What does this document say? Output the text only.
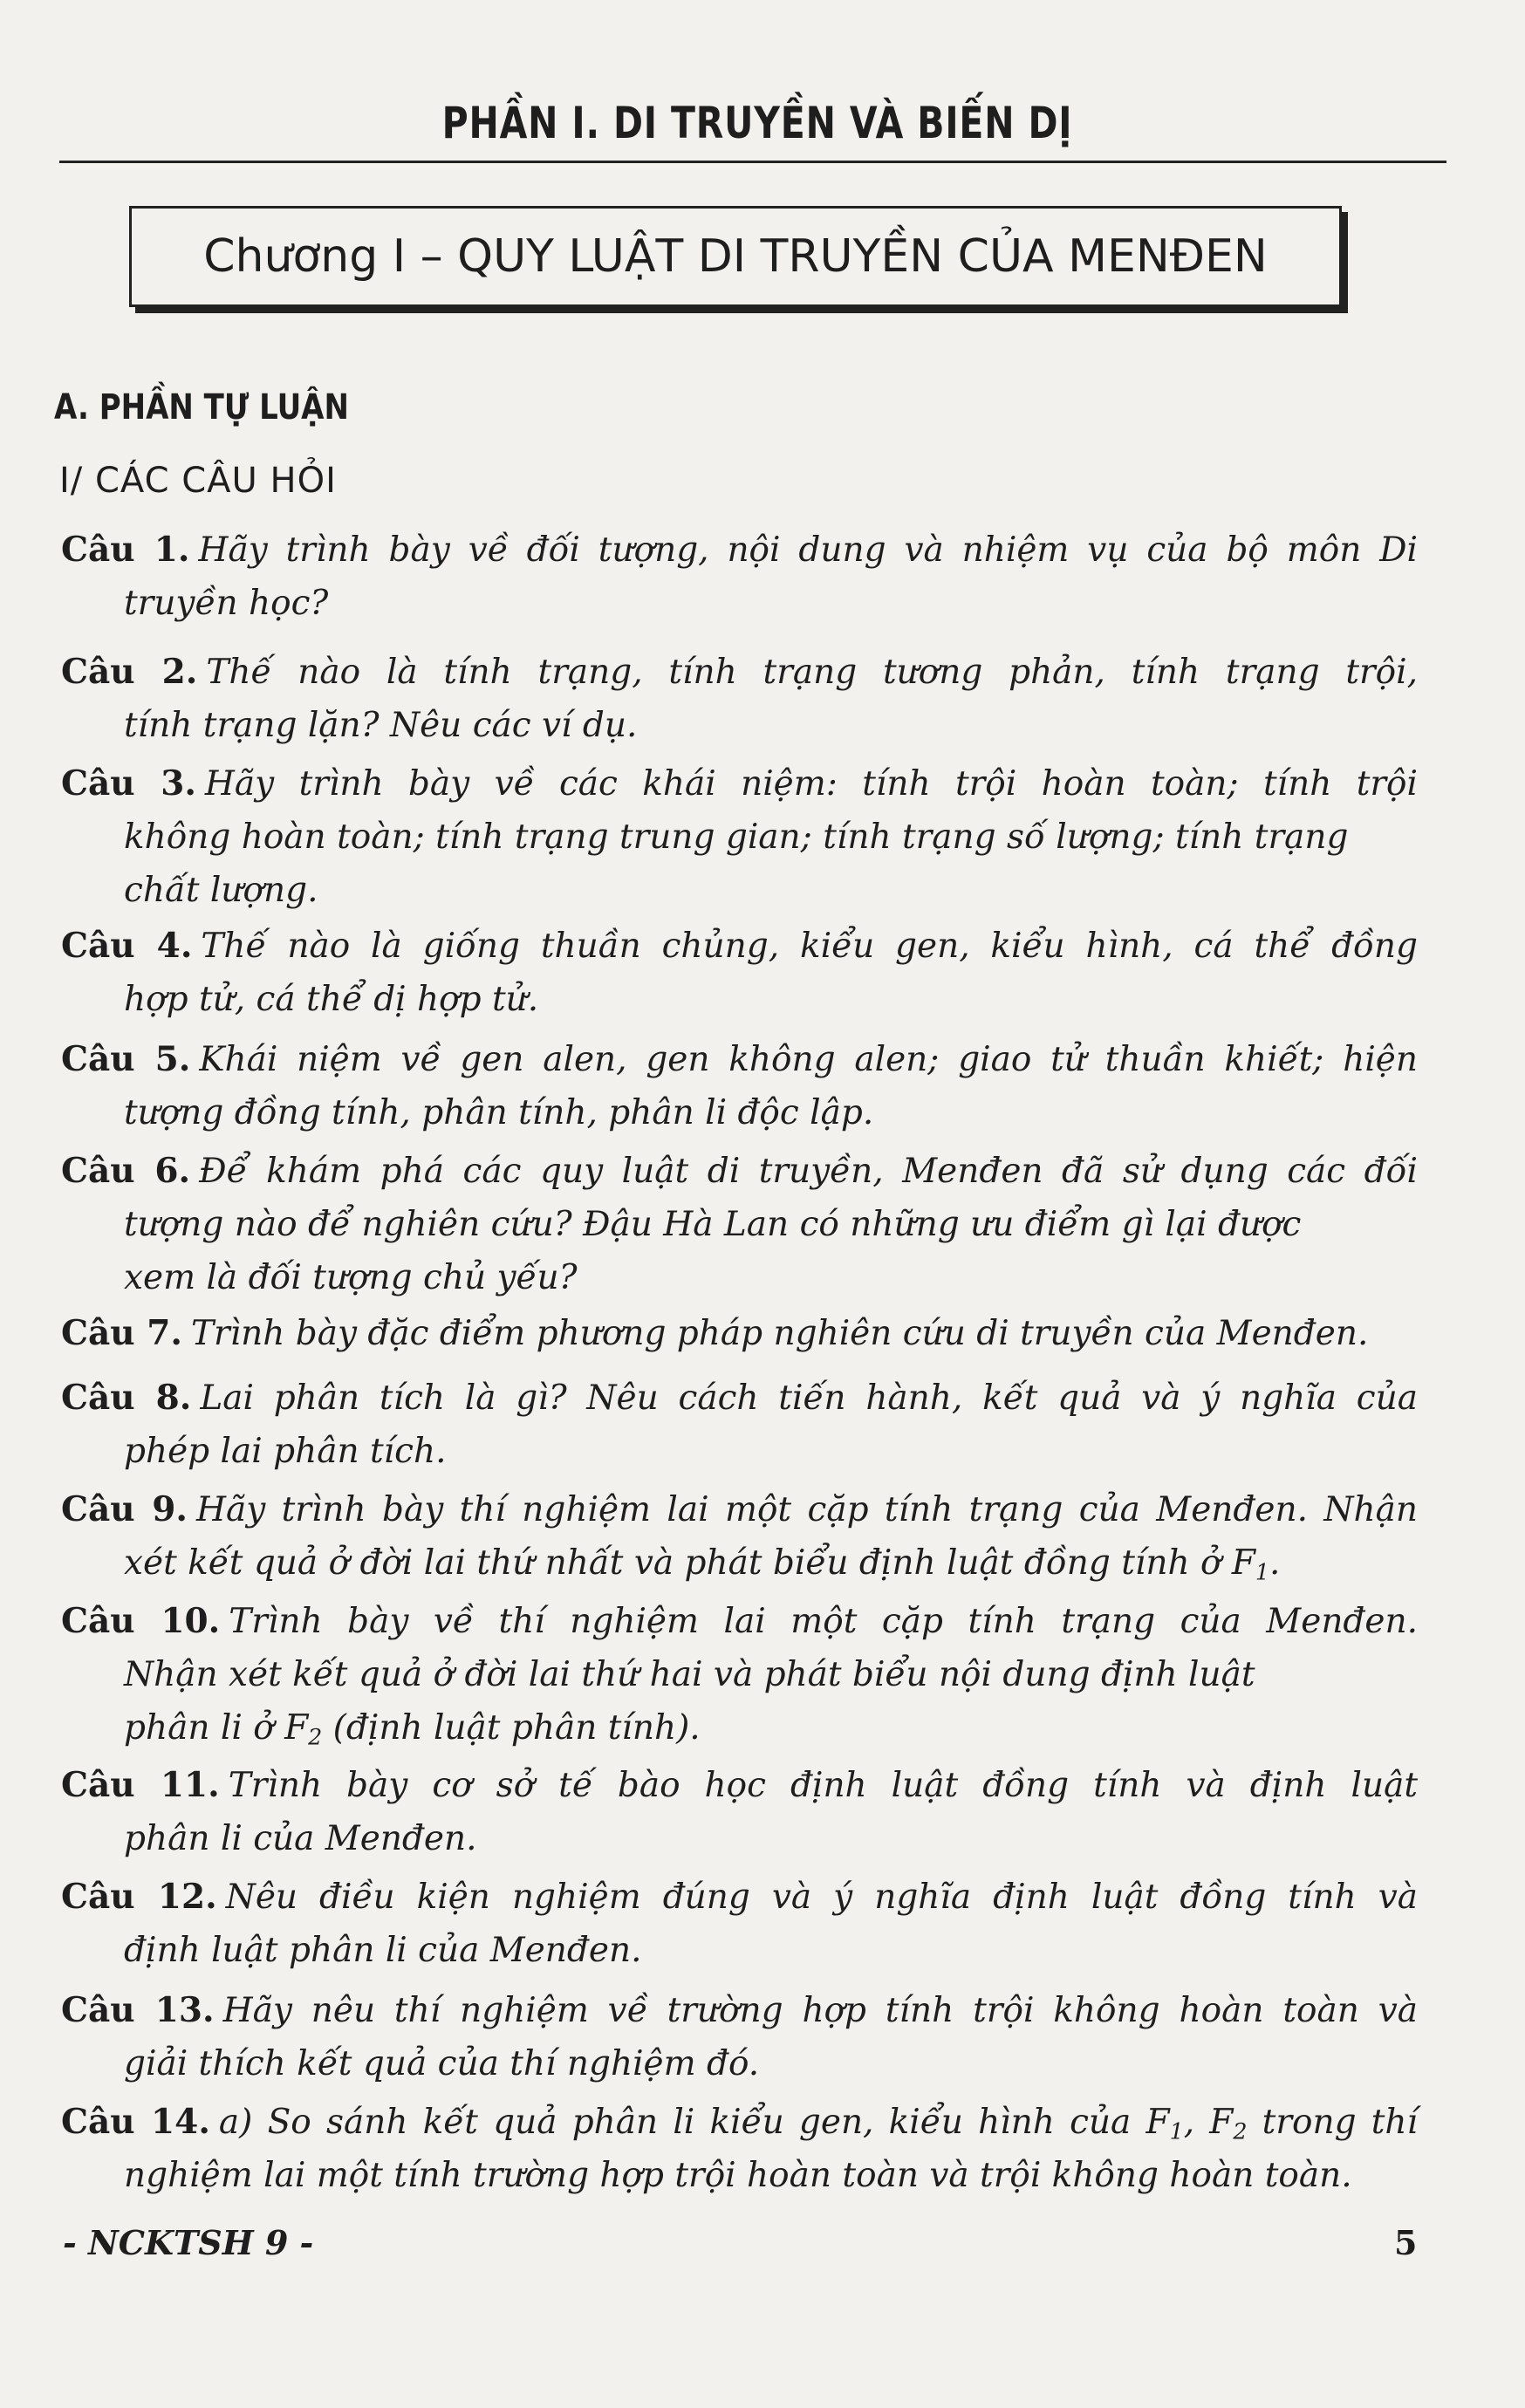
PHẦN I. DI TRUYỀN VÀ BIẾN DỊ
Chương I – QUY LUẬT DI TRUYỀN CỦA MENĐEN
A. PHẦN TỰ LUẬN
I/ CÁC CÂU HỎI
Câu 1. Hãy trình bày về đối tượng, nội dung và nhiệm vụ của bộ môn Di
truyền học?
Câu 2. Thế nào là tính trạng, tính trạng tương phản, tính trạng trội,
tính trạng lặn? Nêu các ví dụ.
Câu 3. Hãy trình bày về các khái niệm: tính trội hoàn toàn; tính trội
không hoàn toàn; tính trạng trung gian; tính trạng số lượng; tính trạng
chất lượng.
Câu 4. Thế nào là giống thuần chủng, kiểu gen, kiểu hình, cá thể đồng
hợp tử, cá thể dị hợp tử.
Câu 5. Khái niệm về gen alen, gen không alen; giao tử thuần khiết; hiện
tượng đồng tính, phân tính, phân li độc lập.
Câu 6. Để khám phá các quy luật di truyền, Menđen đã sử dụng các đối
tượng nào để nghiên cứu? Đậu Hà Lan có những ưu điểm gì lại được
xem là đối tượng chủ yếu?
Câu 7. Trình bày đặc điểm phương pháp nghiên cứu di truyền của Menđen.
Câu 8. Lai phân tích là gì? Nêu cách tiến hành, kết quả và ý nghĩa của
phép lai phân tích.
Câu 9. Hãy trình bày thí nghiệm lai một cặp tính trạng của Menđen. Nhận
xét kết quả ở đời lai thứ nhất và phát biểu định luật đồng tính ở $F_1$.
Câu 10. Trình bày về thí nghiệm lai một cặp tính trạng của Menđen.
Nhận xét kết quả ở đời lai thứ hai và phát biểu nội dung định luật
phân li ở $F_2$ (định luật phân tính).
Câu 11. Trình bày cơ sở tế bào học định luật đồng tính và định luật
phân li của Menđen.
Câu 12. Nêu điều kiện nghiệm đúng và ý nghĩa định luật đồng tính và
định luật phân li của Menđen.
Câu 13. Hãy nêu thí nghiệm về trường hợp tính trội không hoàn toàn và
giải thích kết quả của thí nghiệm đó.
Câu 14. a) So sánh kết quả phân li kiểu gen, kiểu hình của $F_1$, $F_2$ trong thí
nghiệm lai một tính trường hợp trội hoàn toàn và trội không hoàn toàn.
- NCKTSH 9 -	5
